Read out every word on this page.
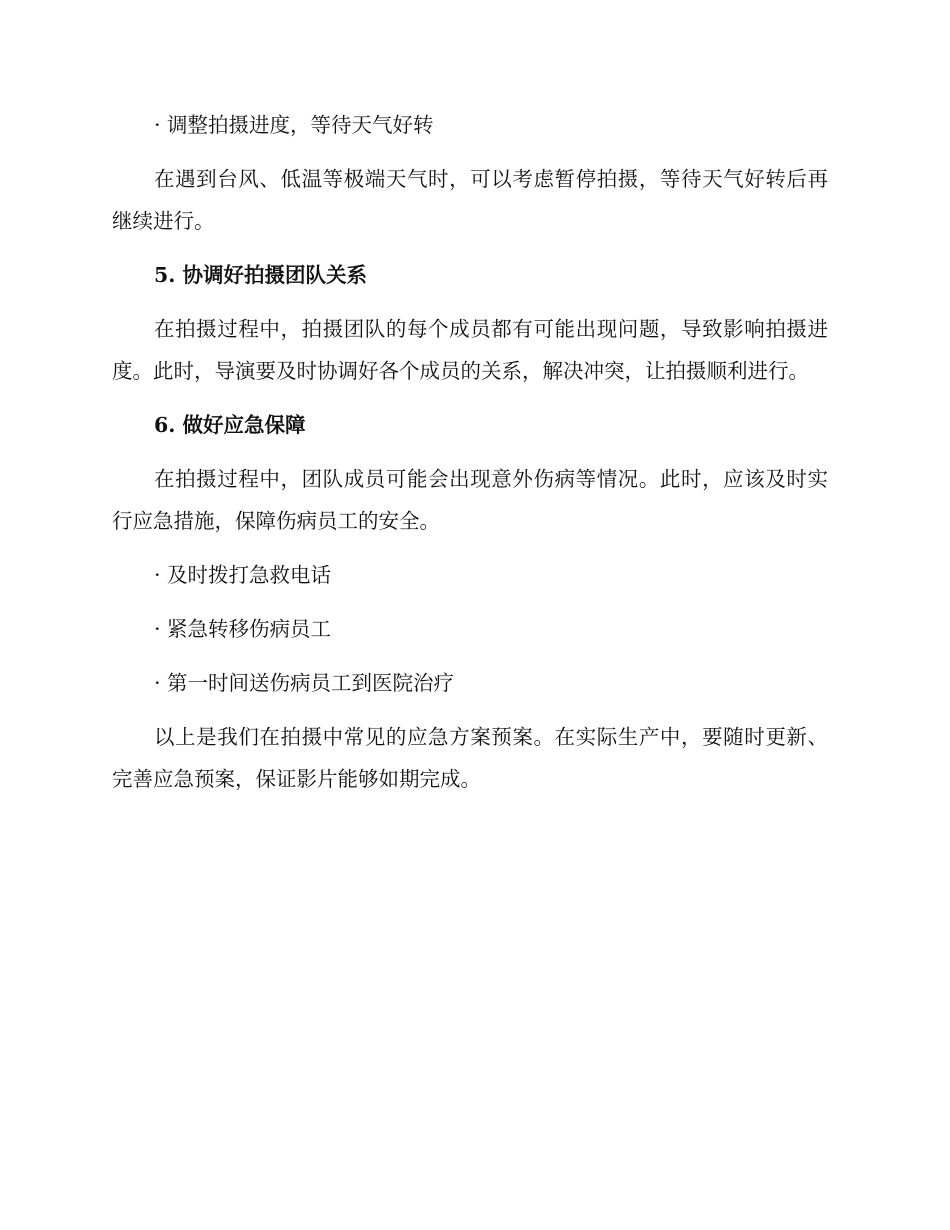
· 调整拍摄进度，等待天气好转

在遇到台风、低温等极端天气时，可以考虑暂停拍摄，等待天气好转后再继续进行。

5. 协调好拍摄团队关系

在拍摄过程中，拍摄团队的每个成员都有可能出现问题，导致影响拍摄进度。此时，导演要及时协调好各个成员的关系，解决冲突，让拍摄顺利进行。

6. 做好应急保障

在拍摄过程中，团队成员可能会出现意外伤病等情况。此时，应该及时实行应急措施，保障伤病员工的安全。

· 及时拨打急救电话

· 紧急转移伤病员工

· 第一时间送伤病员工到医院治疗

以上是我们在拍摄中常见的应急方案预案。在实际生产中，要随时更新、完善应急预案，保证影片能够如期完成。
